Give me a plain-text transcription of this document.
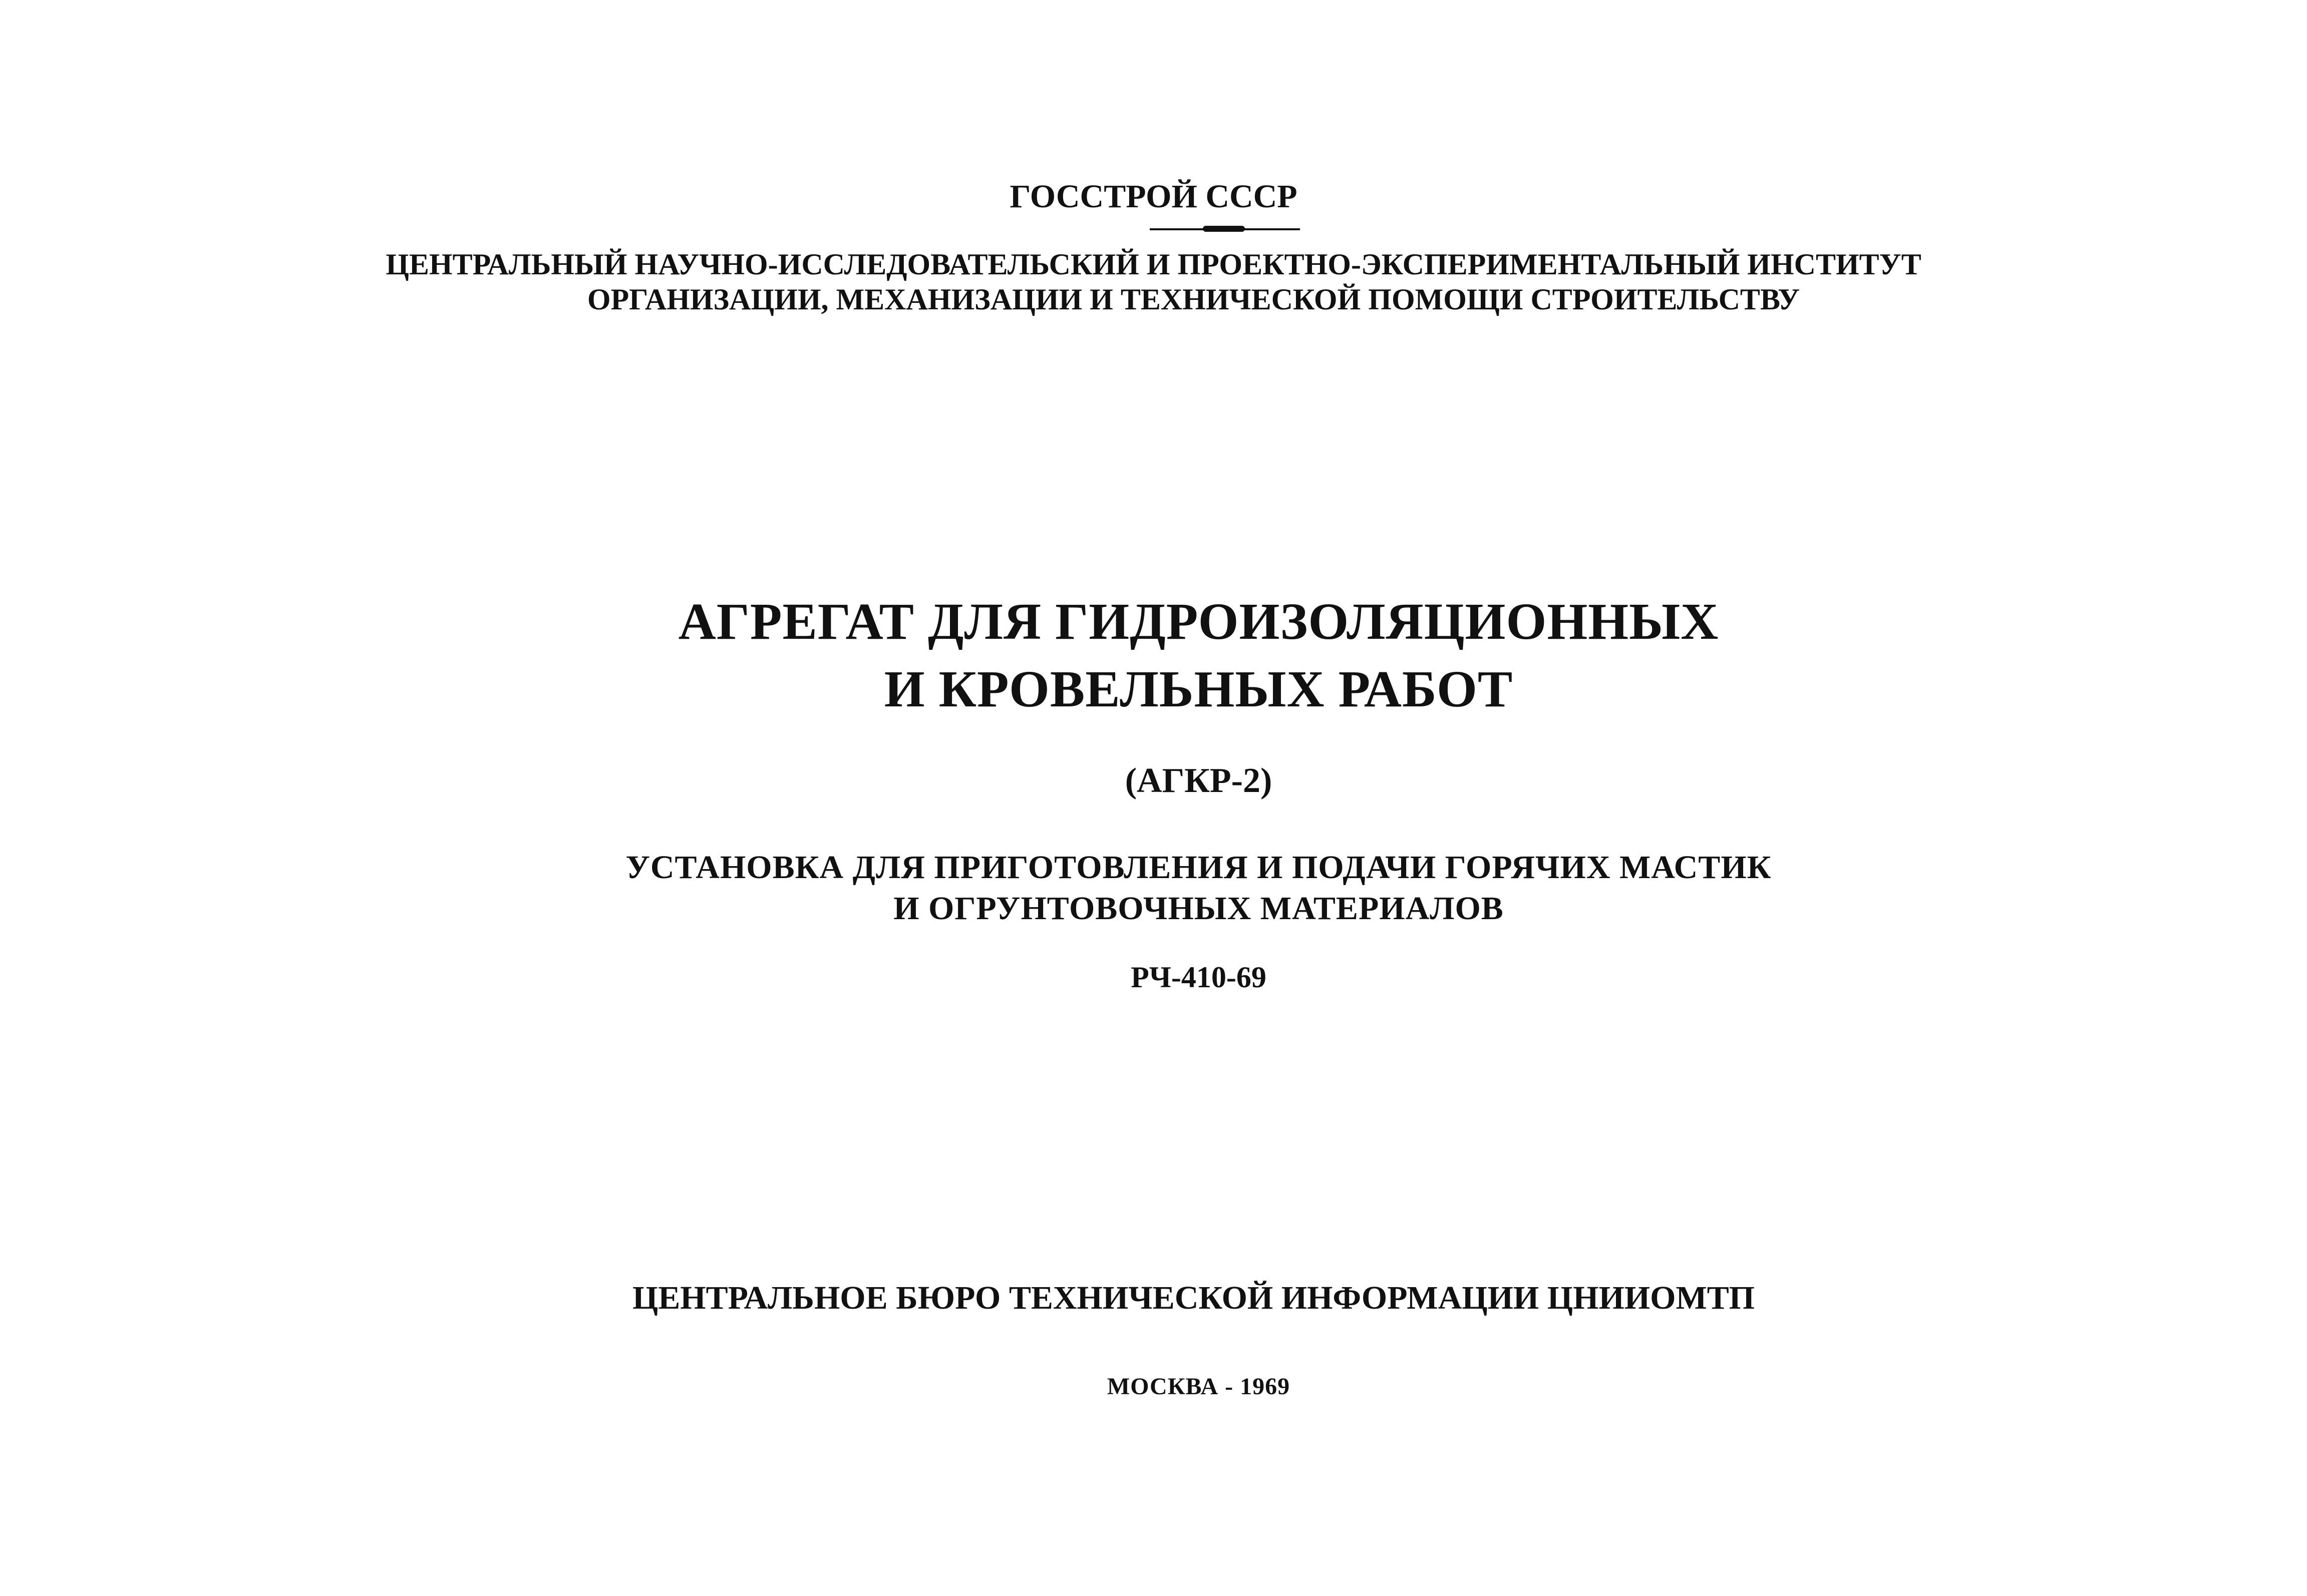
ГОССТРОЙ СССР
ЦЕНТРАЛЬНЫЙ НАУЧНО-ИССЛЕДОВАТЕЛЬСКИЙ И ПРОЕКТНО-ЭКСПЕРИМЕНТАЛЬНЫЙ ИНСТИТУТ
ОРГАНИЗАЦИИ, МЕХАНИЗАЦИИ И ТЕХНИЧЕСКОЙ ПОМОЩИ СТРОИТЕЛЬСТВУ
АГРЕГАТ ДЛЯ ГИДРОИЗОЛЯЦИОННЫХ
И КРОВЕЛЬНЫХ РАБОТ
(АГКР-2)
УСТАНОВКА ДЛЯ ПРИГОТОВЛЕНИЯ И ПОДАЧИ ГОРЯЧИХ МАСТИК
И ОГРУНТОВОЧНЫХ МАТЕРИАЛОВ
РЧ-410-69
ЦЕНТРАЛЬНОЕ БЮРО ТЕХНИЧЕСКОЙ ИНФОРМАЦИИ ЦНИИОМТП
МОСКВА - 1969
